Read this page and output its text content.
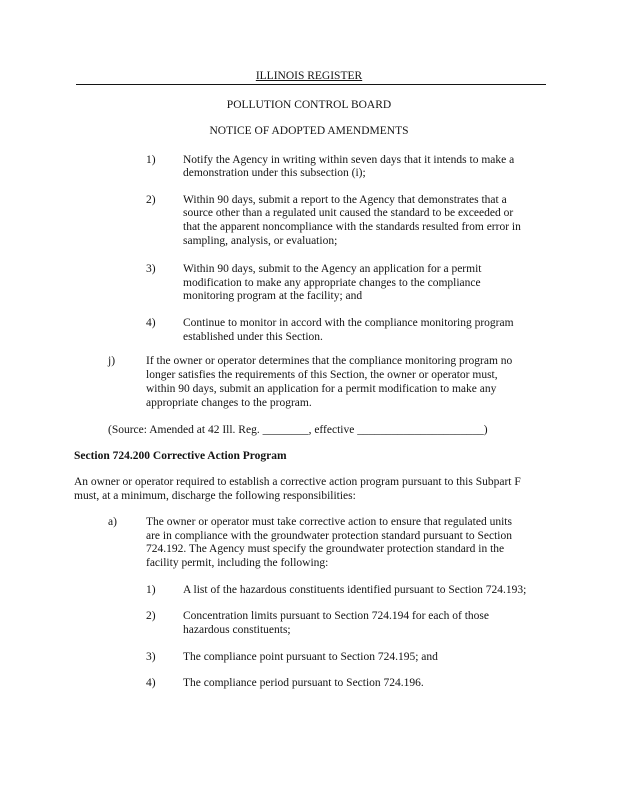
ILLINOIS REGISTER
POLLUTION CONTROL BOARD
NOTICE OF ADOPTED AMENDMENTS
1) Notify the Agency in writing within seven days that it intends to make a
demonstration under this subsection (i);
2) Within 90 days, submit a report to the Agency that demonstrates that a
source other than a regulated unit caused the standard to be exceeded or
that the apparent noncompliance with the standards resulted from error in
sampling, analysis, or evaluation;
3) Within 90 days, submit to the Agency an application for a permit
modification to make any appropriate changes to the compliance
monitoring program at the facility; and
4) Continue to monitor in accord with the compliance monitoring program
established under this Section.
j)	If the owner or operator determines that the compliance monitoring program no
longer satisfies the requirements of this Section, the owner or operator must,
within 90 days, submit an application for a permit modification to make any
appropriate changes to the program.
(Source: Amended at 42 Ill. Reg. ________, effective ______________________)
Section 724.200 Corrective Action Program
An owner or operator required to establish a corrective action program pursuant to this Subpart F
must, at a minimum, discharge the following responsibilities:
a)	The owner or operator must take corrective action to ensure that regulated units
are in compliance with the groundwater protection standard pursuant to Section
724.192. The Agency must specify the groundwater protection standard in the
facility permit, including the following:
1) A list of the hazardous constituents identified pursuant to Section 724.193;
2) Concentration limits pursuant to Section 724.194 for each of those
hazardous constituents;
3) The compliance point pursuant to Section 724.195; and
4) The compliance period pursuant to Section 724.196.
